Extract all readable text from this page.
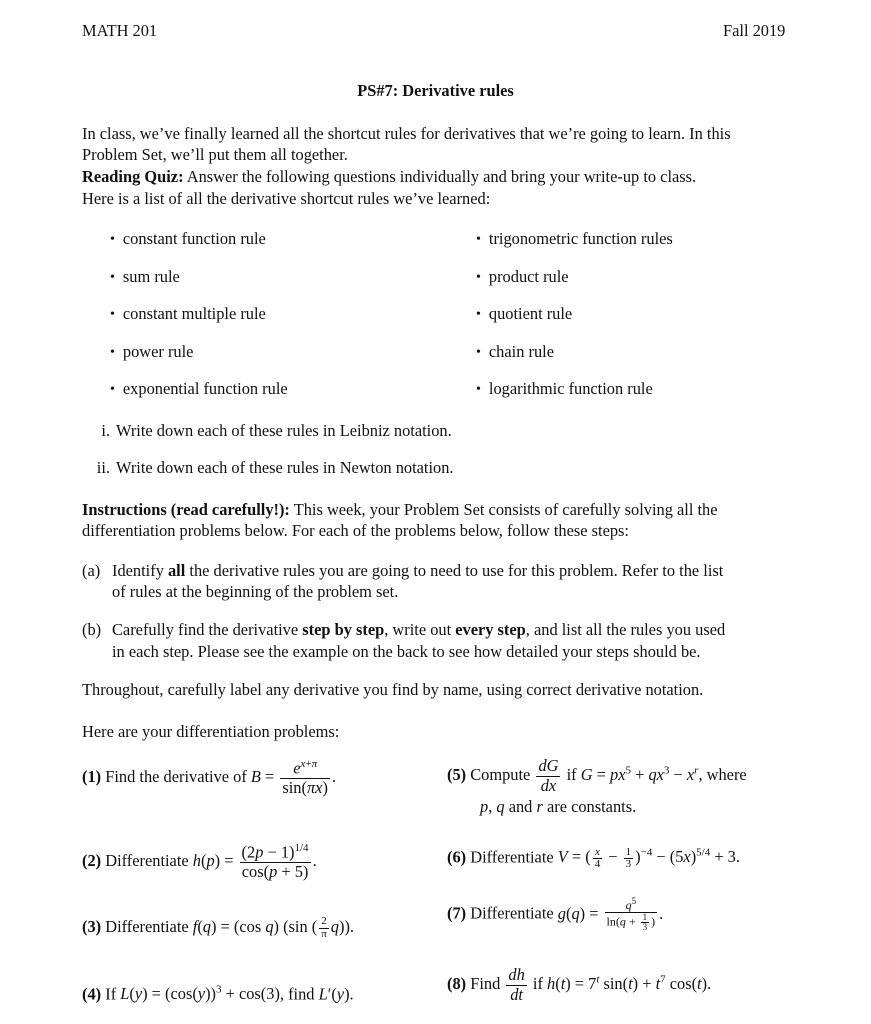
MATH 201	Fall 2019
PS#7: Derivative rules
In class, we’ve finally learned all the shortcut rules for derivatives that we’re going to learn. In this
Problem Set, we’ll put them all together.
Reading Quiz: Answer the following questions individually and bring your write-up to class.
Here is a list of all the derivative shortcut rules we’ve learned:
• constant function rule
• sum rule
• constant multiple rule
• power rule
• exponential function rule
• trigonometric function rules
• product rule
• quotient rule
• chain rule
• logarithmic function rule
i. Write down each of these rules in Leibniz notation.
ii. Write down each of these rules in Newton notation.
Instructions (read carefully!): This week, your Problem Set consists of carefully solving all the
differentiation problems below. For each of the problems below, follow these steps:
(a) Identify all the derivative rules you are going to need to use for this problem. Refer to the list
of rules at the beginning of the problem set.
(b) Carefully find the derivative step by step, write out every step, and list all the rules you used
in each step. Please see the example on the back to see how detailed your steps should be.
Throughout, carefully label any derivative you find by name, using correct derivative notation.
Here are your differentiation problems:
(1) Find the derivative of $B = \frac{e^{x+\pi}}{\sin(\pi x)}$ .
(2) Differentiate $h(p) = \frac{(2p - 1)^{1/4}}{\cos(p + 5)}$ .
(3) Differentiate f(q) = (cos q) (sin ( $\frac{2}{\pi} q$)).
(4) If $L(y) = (\cos(y))^3 + \cos(3)$, find L′(y).
(5) Compute $\frac{dG}{dx}$ if $G = px^5 + qx^3 - x^r$, where
p, q and r are constants.
(6) Differentiate V = ( $\frac{x}{4} - \frac{1}{3} )^{-4} - (5x)^{5/4} + 3$.
(7) Differentiate $g(q) = \frac{q^5}{\ln(q + \frac{1}{3} )}$ .
(8) Find $\frac{dh}{dt}$ if $h(t) = 7^t$ $\sin(t) + t^7$ cos(t).
